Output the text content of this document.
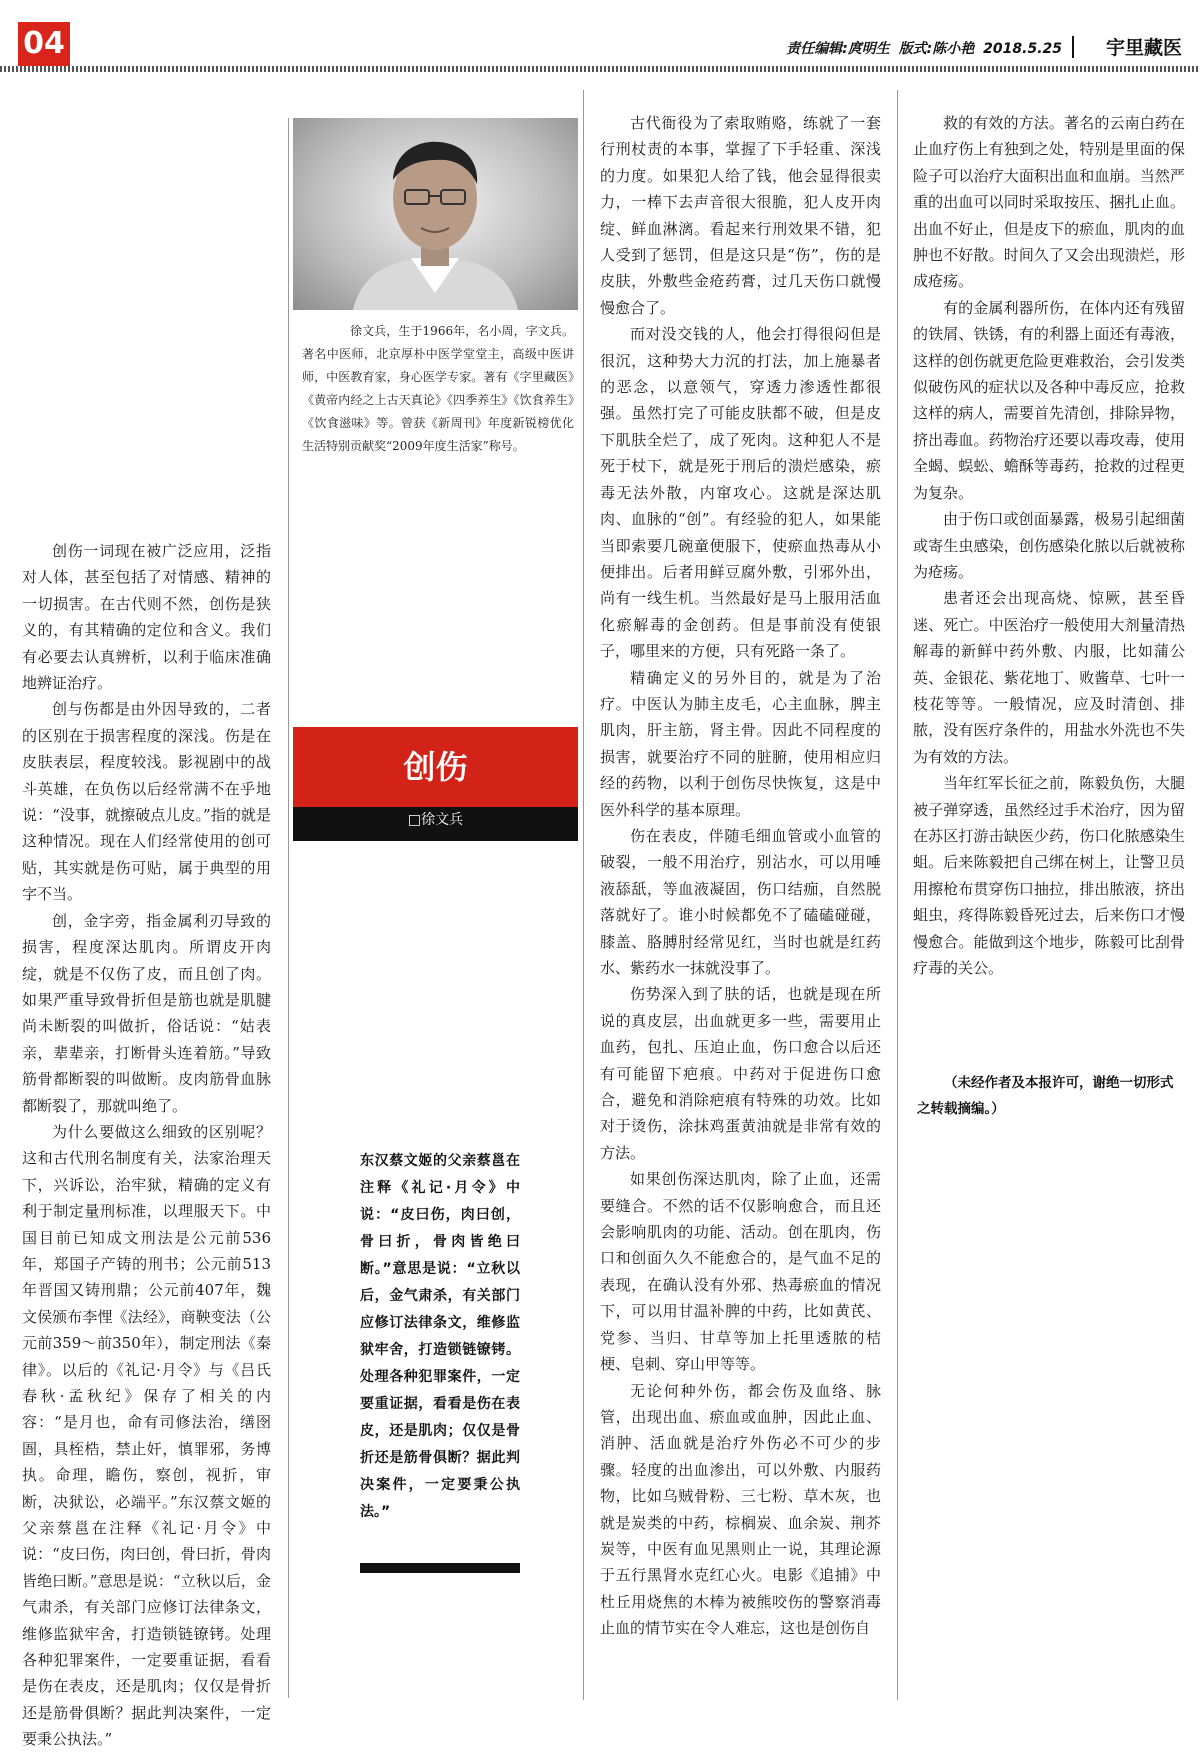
04	责任编辑:庹明生 版式:陈小艳 2018.5.25 宇里藏医

创伤一词现在被广泛应用，泛指对人体，甚至包括了对情感、精神的一切损害。在古代则不然，创伤是狭义的，有其精确的定位和含义。我们有必要去认真辨析，以利于临床准确地辨证治疗。

创与伤都是由外因导致的，二者的区别在于损害程度的深浅。伤是在皮肤表层，程度较浅。影视剧中的战斗英雄，在负伤以后经常满不在乎地说：“没事，就擦破点儿皮。”指的就是这种情况。现在人们经常使用的创可贴，其实就是伤可贴，属于典型的用字不当。

创，金字旁，指金属利刃导致的损害，程度深达肌肉。所谓皮开肉绽，就是不仅伤了皮，而且创了肉。如果严重导致骨折但是筋也就是肌腱尚未断裂的叫做折，俗话说：“姑表亲，辈辈亲，打断骨头连着筋。”导致筋骨都断裂的叫做断。皮肉筋骨血脉都断裂了，那就叫绝了。

为什么要做这么细致的区别呢？这和古代刑名制度有关，法家治理天下，兴诉讼，治牢狱，精确的定义有利于制定量刑标准，以理服天下。中国目前已知成文刑法是公元前536年，郑国子产铸的刑书；公元前513年晋国又铸刑鼎；公元前407年，魏文侯颁布李悝《法经》，商鞅变法（公元前359～前350年），制定刑法《秦律》。以后的《礼记·月令》与《吕氏春秋·孟秋纪》保存了相关的内容：“是月也，命有司修法治，缮囹圄，具桎梏，禁止奸，慎罪邪，务博执。命理，瞻伤，察创，视折，审断，决狱讼，必端平。”东汉蔡文姬的父亲蔡邕在注释《礼记·月令》中说：“皮曰伤，肉曰创，骨曰折，骨肉皆绝曰断。”意思是说：“立秋以后，金气肃杀，有关部门应修订法律条文，维修监狱牢舍，打造锁链镣铐。处理各种犯罪案件，一定要重证据，看看是伤在表皮，还是肌肉；仅仅是骨折还是筋骨俱断？据此判决案件，一定要秉公执法。”

徐文兵，生于1966年，名小周，字文兵。著名中医师，北京厚朴中医学堂堂主，高级中医讲师，中医教育家，身心医学专家。著有《字里藏医》《黄帝内经之上古天真论》《四季养生》《饮食养生》《饮食滋味》等。曾获《新周刊》年度新锐榜优化生活特别贡献奖“2009年度生活家”称号。

创伤
□徐文兵
东汉蔡文姬的父亲蔡邕在注释《礼记·月令》中说：“皮曰伤，肉曰创，骨曰折，骨肉皆绝曰断。”意思是说：“立秋以后，金气肃杀，有关部门应修订法律条文，维修监狱牢舍，打造锁链镣铐。处理各种犯罪案件，一定要重证据，看看是伤在表皮，还是肌肉；仅仅是骨折还是筋骨俱断？据此判决案件，一定要秉公执法。”

古代衙役为了索取贿赂，练就了一套行刑杖责的本事，掌握了下手轻重、深浅的力度。如果犯人给了钱，他会显得很卖力，一棒下去声音很大很脆，犯人皮开肉绽、鲜血淋漓。看起来行刑效果不错，犯人受到了惩罚，但是这只是“伤”，伤的是皮肤，外敷些金疮药膏，过几天伤口就慢慢愈合了。

而对没交钱的人，他会打得很闷但是很沉，这种势大力沉的打法，加上施暴者的恶念，以意领气，穿透力渗透性都很强。虽然打完了可能皮肤都不破，但是皮下肌肤全烂了，成了死肉。这种犯人不是死于杖下，就是死于刑后的溃烂感染，瘀毒无法外散，内窜攻心。这就是深达肌肉、血脉的“创”。有经验的犯人，如果能当即索要几碗童便服下，使瘀血热毒从小便排出。后者用鲜豆腐外敷，引邪外出，尚有一线生机。当然最好是马上服用活血化瘀解毒的金创药。但是事前没有使银子，哪里来的方便，只有死路一条了。

精确定义的另外目的，就是为了治疗。中医认为肺主皮毛，心主血脉，脾主肌肉，肝主筋，肾主骨。因此不同程度的损害，就要治疗不同的脏腑，使用相应归经的药物，以利于创伤尽快恢复，这是中医外科学的基本原理。

伤在表皮，伴随毛细血管或小血管的破裂，一般不用治疗，别沾水，可以用唾液舔舐，等血液凝固，伤口结痂，自然脱落就好了。谁小时候都免不了磕磕碰碰，膝盖、胳膊肘经常见红，当时也就是红药水、紫药水一抹就没事了。

伤势深入到了肤的话，也就是现在所说的真皮层，出血就更多一些，需要用止血药，包扎、压迫止血，伤口愈合以后还有可能留下疤痕。中药对于促进伤口愈合，避免和消除疤痕有特殊的功效。比如对于烫伤，涂抹鸡蛋黄油就是非常有效的方法。

如果创伤深达肌肉，除了止血，还需要缝合。不然的话不仅影响愈合，而且还会影响肌肉的功能、活动。创在肌肉，伤口和创面久久不能愈合的，是气血不足的表现，在确认没有外邪、热毒瘀血的情况下，可以用甘温补脾的中药，比如黄芪、党参、当归、甘草等加上托里透脓的桔梗、皂刺、穿山甲等等。

无论何种外伤，都会伤及血络、脉管，出现出血、瘀血或血肿，因此止血、消肿、活血就是治疗外伤必不可少的步骤。轻度的出血渗出，可以外敷、内服药物，比如乌贼骨粉、三七粉、草木灰，也就是炭类的中药，棕榈炭、血余炭、荆芥炭等，中医有血见黑则止一说，其理论源于五行黑肾水克红心火。电影《追捕》中杜丘用烧焦的木棒为被熊咬伤的警察消毒止血的情节实在令人难忘，这也是创伤自

救的有效的方法。著名的云南白药在止血疗伤上有独到之处，特别是里面的保险子可以治疗大面积出血和血崩。当然严重的出血可以同时采取按压、捆扎止血。出血不好止，但是皮下的瘀血，肌肉的血肿也不好散。时间久了又会出现溃烂，形成疮疡。

有的金属利器所伤，在体内还有残留的铁屑、铁锈，有的利器上面还有毒液，这样的创伤就更危险更难救治，会引发类似破伤风的症状以及各种中毒反应，抢救这样的病人，需要首先清创，排除异物，挤出毒血。药物治疗还要以毒攻毒，使用全蝎、蜈蚣、蟾酥等毒药，抢救的过程更为复杂。

由于伤口或创面暴露，极易引起细菌或寄生虫感染，创伤感染化脓以后就被称为疮疡。

患者还会出现高烧、惊厥，甚至昏迷、死亡。中医治疗一般使用大剂量清热解毒的新鲜中药外敷、内服，比如蒲公英、金银花、紫花地丁、败酱草、七叶一枝花等等。一般情况，应及时清创、排脓，没有医疗条件的，用盐水外洗也不失为有效的方法。

当年红军长征之前，陈毅负伤，大腿被子弹穿透，虽然经过手术治疗，因为留在苏区打游击缺医少药，伤口化脓感染生蛆。后来陈毅把自己绑在树上，让警卫员用擦枪布贯穿伤口抽拉，排出脓液，挤出蛆虫，疼得陈毅昏死过去，后来伤口才慢慢愈合。能做到这个地步，陈毅可比刮骨疗毒的关公。

（未经作者及本报许可，谢绝一切形式之转载摘编。）
